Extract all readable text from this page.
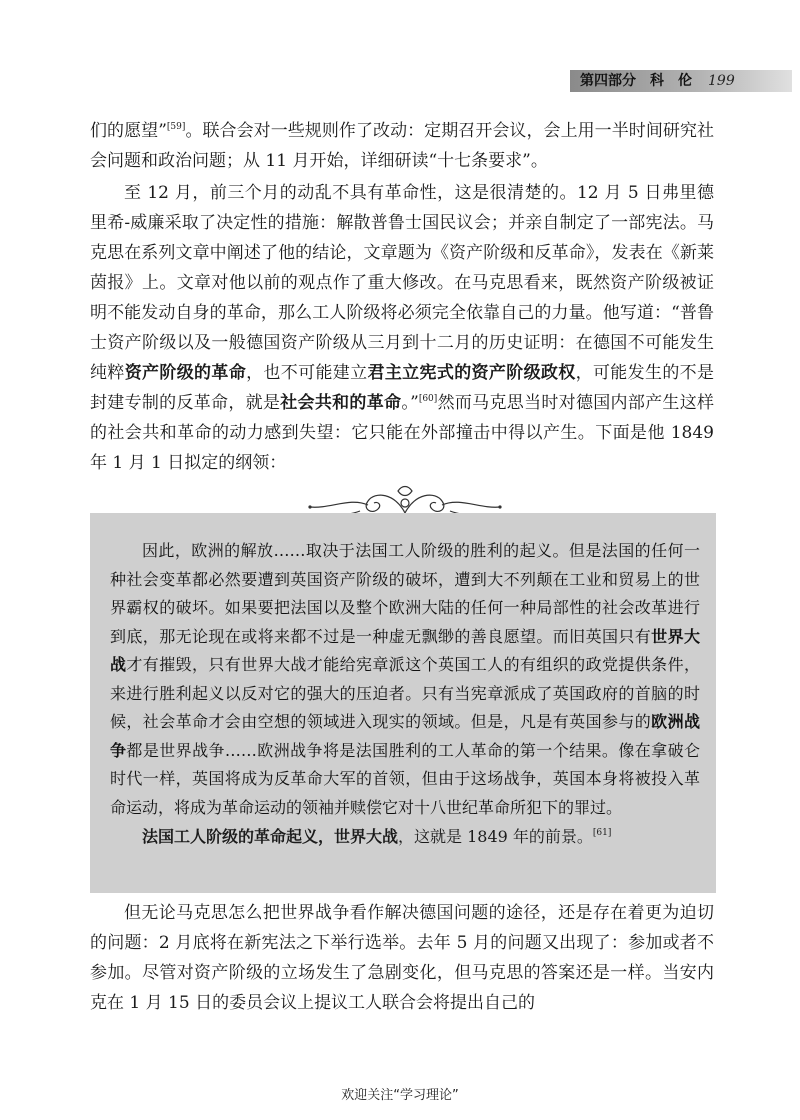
第四部分　科　伦 199

们的愿望”[59]。联合会对一些规则作了改动：定期召开会议，会上用一半时间研究社会问题和政治问题；从 11 月开始，详细研读“十七条要求”。

至 12 月，前三个月的动乱不具有革命性，这是很清楚的。12 月 5 日弗里德里希-威廉采取了决定性的措施：解散普鲁士国民议会；并亲自制定了一部宪法。马克思在系列文章中阐述了他的结论，文章题为《资产阶级和反革命》，发表在《新莱茵报》上。文章对他以前的观点作了重大修改。在马克思看来，既然资产阶级被证明不能发动自身的革命，那么工人阶级将必须完全依靠自己的力量。他写道：“普鲁士资产阶级以及一般德国资产阶级从三月到十二月的历史证明：在德国不可能发生纯粹资产阶级的革命，也不可能建立君主立宪式的资产阶级政权，可能发生的不是封建专制的反革命，就是社会共和的革命。”[60]然而马克思当时对德国内部产生这样的社会共和革命的动力感到失望：它只能在外部撞击中得以产生。下面是他 1849 年 1 月 1 日拟定的纲领：

因此，欧洲的解放……取决于法国工人阶级的胜利的起义。但是法国的任何一种社会变革都必然要遭到英国资产阶级的破坏，遭到大不列颠在工业和贸易上的世界霸权的破坏。如果要把法国以及整个欧洲大陆的任何一种局部性的社会改革进行到底，那无论现在或将来都不过是一种虚无飘缈的善良愿望。而旧英国只有世界大战才有摧毁，只有世界大战才能给宪章派这个英国工人的有组织的政党提供条件，来进行胜利起义以反对它的强大的压迫者。只有当宪章派成了英国政府的首脑的时候，社会革命才会由空想的领域进入现实的领域。但是，凡是有英国参与的欧洲战争都是世界战争……欧洲战争将是法国胜利的工人革命的第一个结果。像在拿破仑时代一样，英国将成为反革命大军的首领，但由于这场战争，英国本身将被投入革命运动，将成为革命运动的领袖并赎偿它对十八世纪革命所犯下的罪过。

法国工人阶级的革命起义，世界大战，这就是 1849 年的前景。[61]

但无论马克思怎么把世界战争看作解决德国问题的途径，还是存在着更为迫切的问题：2 月底将在新宪法之下举行选举。去年 5 月的问题又出现了：参加或者不参加。尽管对资产阶级的立场发生了急剧变化，但马克思的答案还是一样。当安内克在 1 月 15 日的委员会议上提议工人联合会将提出自己的

欢迎关注“学习理论”
